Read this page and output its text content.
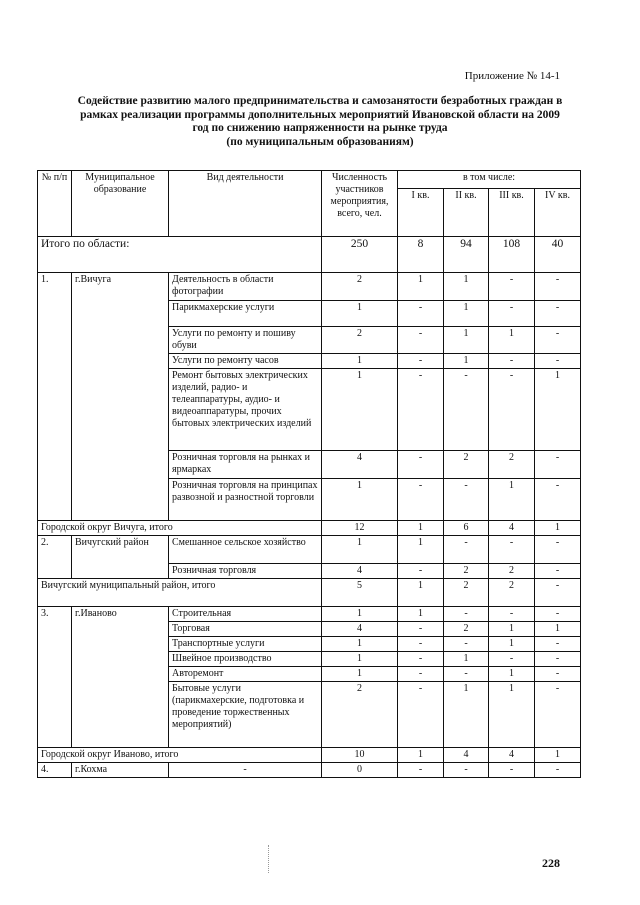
Приложение № 14-1
Содействие развитию малого предпринимательства и самозанятости безработных граждан в
рамках реализации программы дополнительных мероприятий Ивановской области на 2009
год по снижению напряженности на рынке труда
(по муниципальным образованиям)
№ п/п	Муниципальное образование	Вид деятельности	Численность участников мероприятия, всего, чел.	в том числе:			
				I кв.	II кв.	III кв.	IV кв.
Итого по области:			250	8	94	108	40
1.	г.Вичуга	Деятельность в области фотографии	2	1	1	-	-
		Парикмахерские услуги	1	-	1	-	-
		Услуги по ремонту и пошиву обуви	2	-	1	1	-
		Услуги по ремонту часов	1	-	1	-	-
		Ремонт бытовых электрических изделий, радио- и телеаппаратуры, аудио- и видеоаппаратуры, прочих бытовых электрических изделий	1	-	-	-	1
		Розничная торговля на рынках и ярмарках	4	-	2	2	-
		Розничная торговля на принципах развозной и разностной торговли	1	-	-	1	-
Городской округ Вичуга, итого			12	1	6	4	1
2.	Вичугский район	Смешанное сельское хозяйство	1	1	-	-	-
		Розничная торговля	4	-	2	2	-
Вичугский муниципальный район, итого			5	1	2	2	-
3.	г.Иваново	Строительная	1	1	-	-	-
		Торговая	4	-	2	1	1
		Транспортные услуги	1	-	-	1	-
		Швейное производство	1	-	1	-	-
		Авторемонт	1	-	-	1	-
		Бытовые услуги (парикмахерские, подготовка и проведение торжественных мероприятий)	2	-	1	1	-
Городской округ Иваново, итого			10	1	4	4	1
4.	г.Кохма	-	0	-	-	-	-
228
